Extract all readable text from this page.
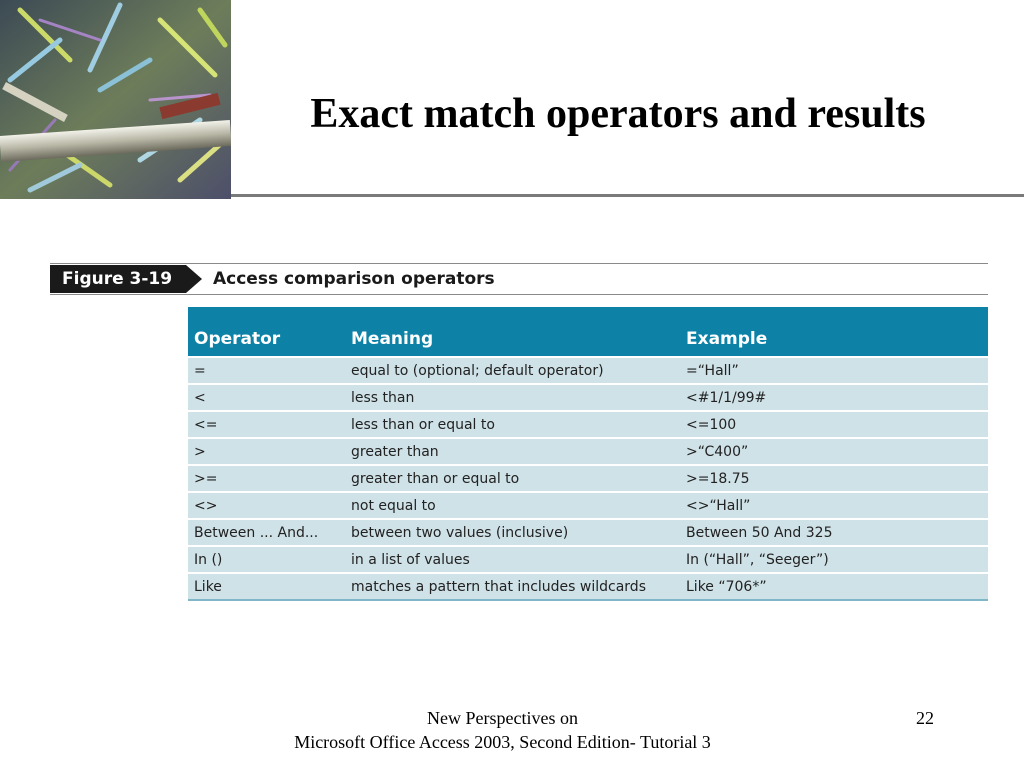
Exact match operators and results
Figure 3-19	Access comparison operators
Operator	Meaning	Example
=	equal to (optional; default operator)	=“Hall”
<	less than	<#1/1/99#
<=	less than or equal to	<=100
>	greater than	>“C400”
>=	greater than or equal to	>=18.75
<>	not equal to	<>“Hall”
Between ... And...	between two values (inclusive)	Between 50 And 325
In ()	in a list of values	In (“Hall”, “Seeger”)
Like	matches a pattern that includes wildcards	Like “706*”
New Perspectives on
Microsoft Office Access 2003, Second Edition- Tutorial 3
22
